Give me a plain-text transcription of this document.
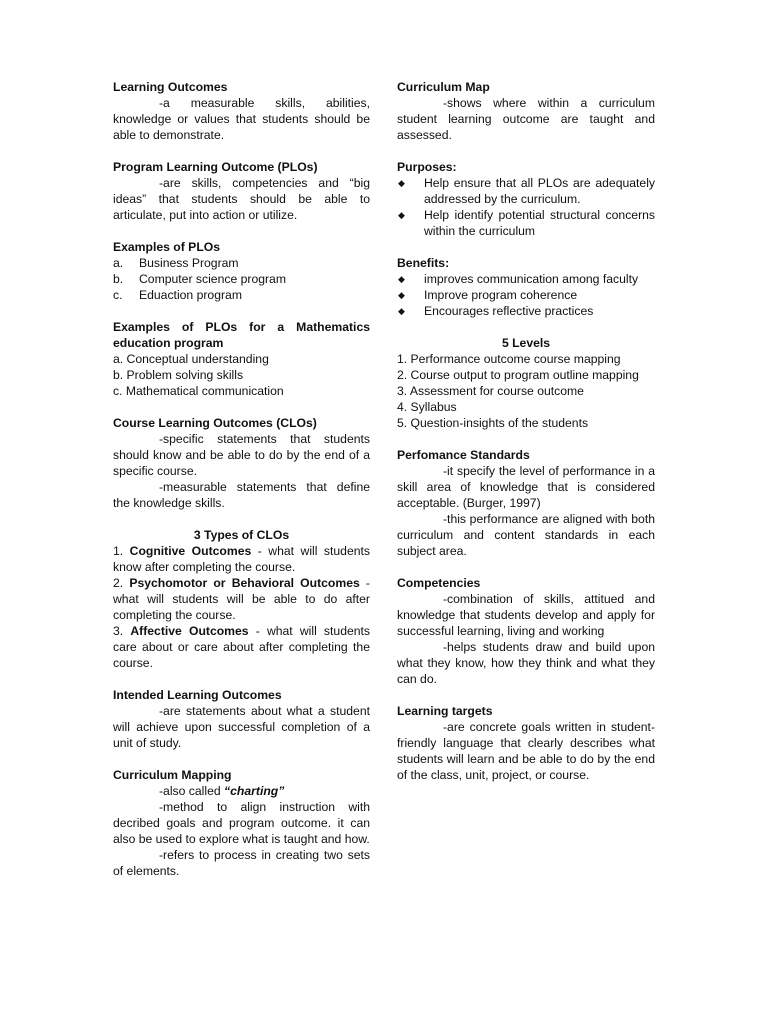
Learning Outcomes

-a measurable skills, abilities, knowledge or values that students should be able to demonstrate.

Program Learning Outcome (PLOs)

-are skills, competencies and “big ideas” that students should be able to articulate, put into action or utilize.

Examples of PLOs

a.	Business Program
b.	Computer science program
c.	Eduaction program

Examples of PLOs for a Mathematics education program

a. Conceptual understanding

b. Problem solving skills

c. Mathematical communication

Course Learning Outcomes (CLOs)

-specific statements that students should know and be able to do by the end of a specific course.

-measurable statements that define the knowledge skills.

3 Types of CLOs

1. Cognitive Outcomes - what will students know after completing the course.

2. Psychomotor or Behavioral Outcomes - what will students will be able to do after completing the course.

3. Affective Outcomes - what will students care about or care about after completing the course.

Intended Learning Outcomes

-are statements about what a student will achieve upon successful completion of a unit of study.

Curriculum Mapping

-also called “charting”

-method to align instruction with decribed goals and program outcome. it can also be used to explore what is taught and how.

-refers to process in creating two sets of elements.

Curriculum Map

-shows where within a curriculum student learning outcome are taught and assessed.

Purposes:

◆	Help ensure that all PLOs are adequately addressed by the curriculum.
◆	Help identify potential structural concerns within the curriculum

Benefits:

◆	improves communication among faculty
◆	Improve program coherence
◆	Encourages reflective practices

5 Levels

1. Performance outcome course mapping

2. Course output to program outline mapping

3. Assessment for course outcome

4. Syllabus

5. Question-insights of the students

Perfomance Standards

-it specify the level of performance in a skill area of knowledge that is considered acceptable. (Burger, 1997)

-this performance are aligned with both curriculum and content standards in each subject area.

Competencies

-combination of skills, attitued and knowledge that students develop and apply for successful learning, living and working

-helps students draw and build upon what they know, how they think and what they can do.

Learning targets

-are concrete goals written in student-friendly language that clearly describes what students will learn and be able to do by the end of the class, unit, project, or course.
